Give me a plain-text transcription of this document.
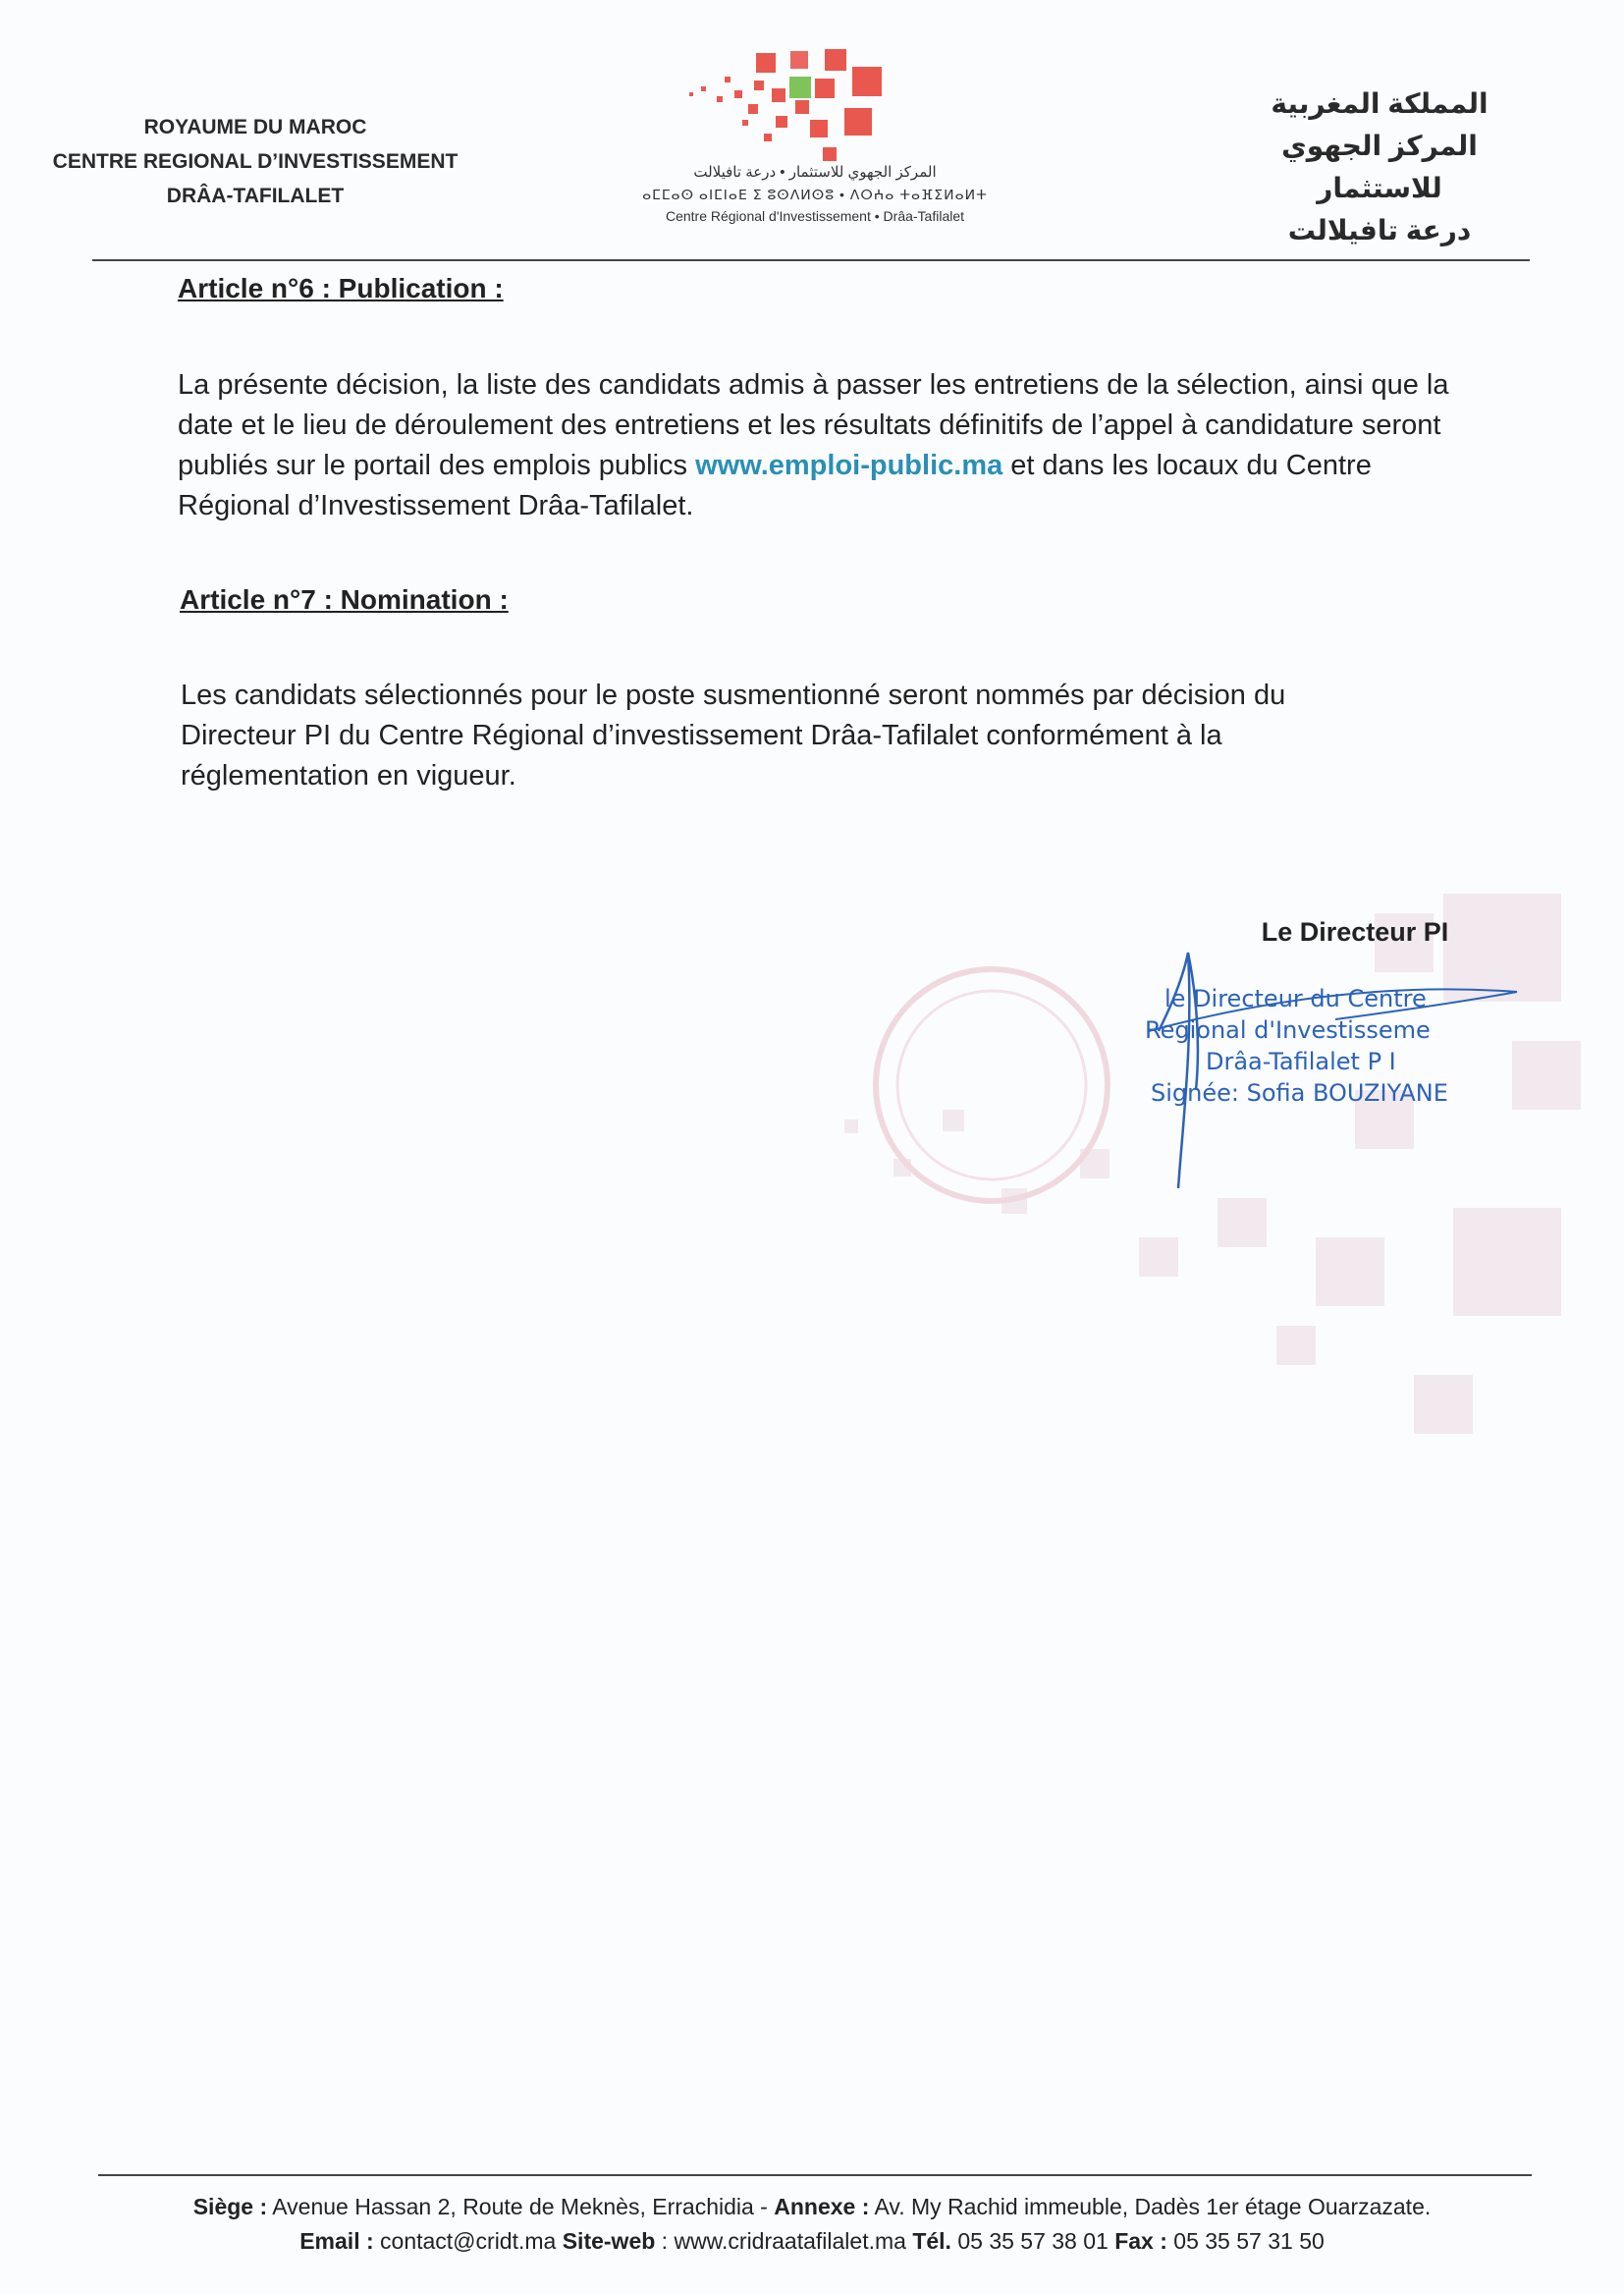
ROYAUME DU MAROC
CENTRE REGIONAL D’INVESTISSEMENT
DRÂA-TAFILALET
المركز الجهوي للاستثمار • درعة تافيلالت
ⴰⵎⵎⴰⵙ ⴰⵏⵎⵏⴰⴹ ⵉ ⵓⵙⴷⵍⵙⵓ • ⴷⵔⵄⴰ ⵜⴰⴼⵉⵍⴰⵍⵜ
Centre Régional d'Investissement • Drâa-Tafilalet
المملكة المغربية
المركز الجهوي للاستثمار
درعة تافيلالت
Article n°6 : Publication :
La présente décision, la liste des candidats admis à passer les entretiens de la sélection, ainsi que la date et le lieu de déroulement des entretiens et les résultats définitifs de l’appel à candidature seront publiés sur le portail des emplois publics www.emploi-public.ma et dans les locaux du Centre Régional d’Investissement Drâa-Tafilalet.
Article n°7 : Nomination :
Les candidats sélectionnés pour le poste susmentionné seront nommés par décision du Directeur PI du Centre Régional d’investissement Drâa-Tafilalet conformément à la réglementation en vigueur.
Le Directeur PI
le Directeur du Centre
Regional d'Investisseme
Drâa-Tafilalet P I
Signée: Sofia BOUZIYANE
Siège : Avenue Hassan 2, Route de Meknès, Errachidia - Annexe : Av. My Rachid immeuble, Dadès 1er étage Ouarzazate.
Email : contact@cridt.ma Site-web : www.cridraatafilalet.ma Tél. 05 35 57 38 01 Fax : 05 35 57 31 50
